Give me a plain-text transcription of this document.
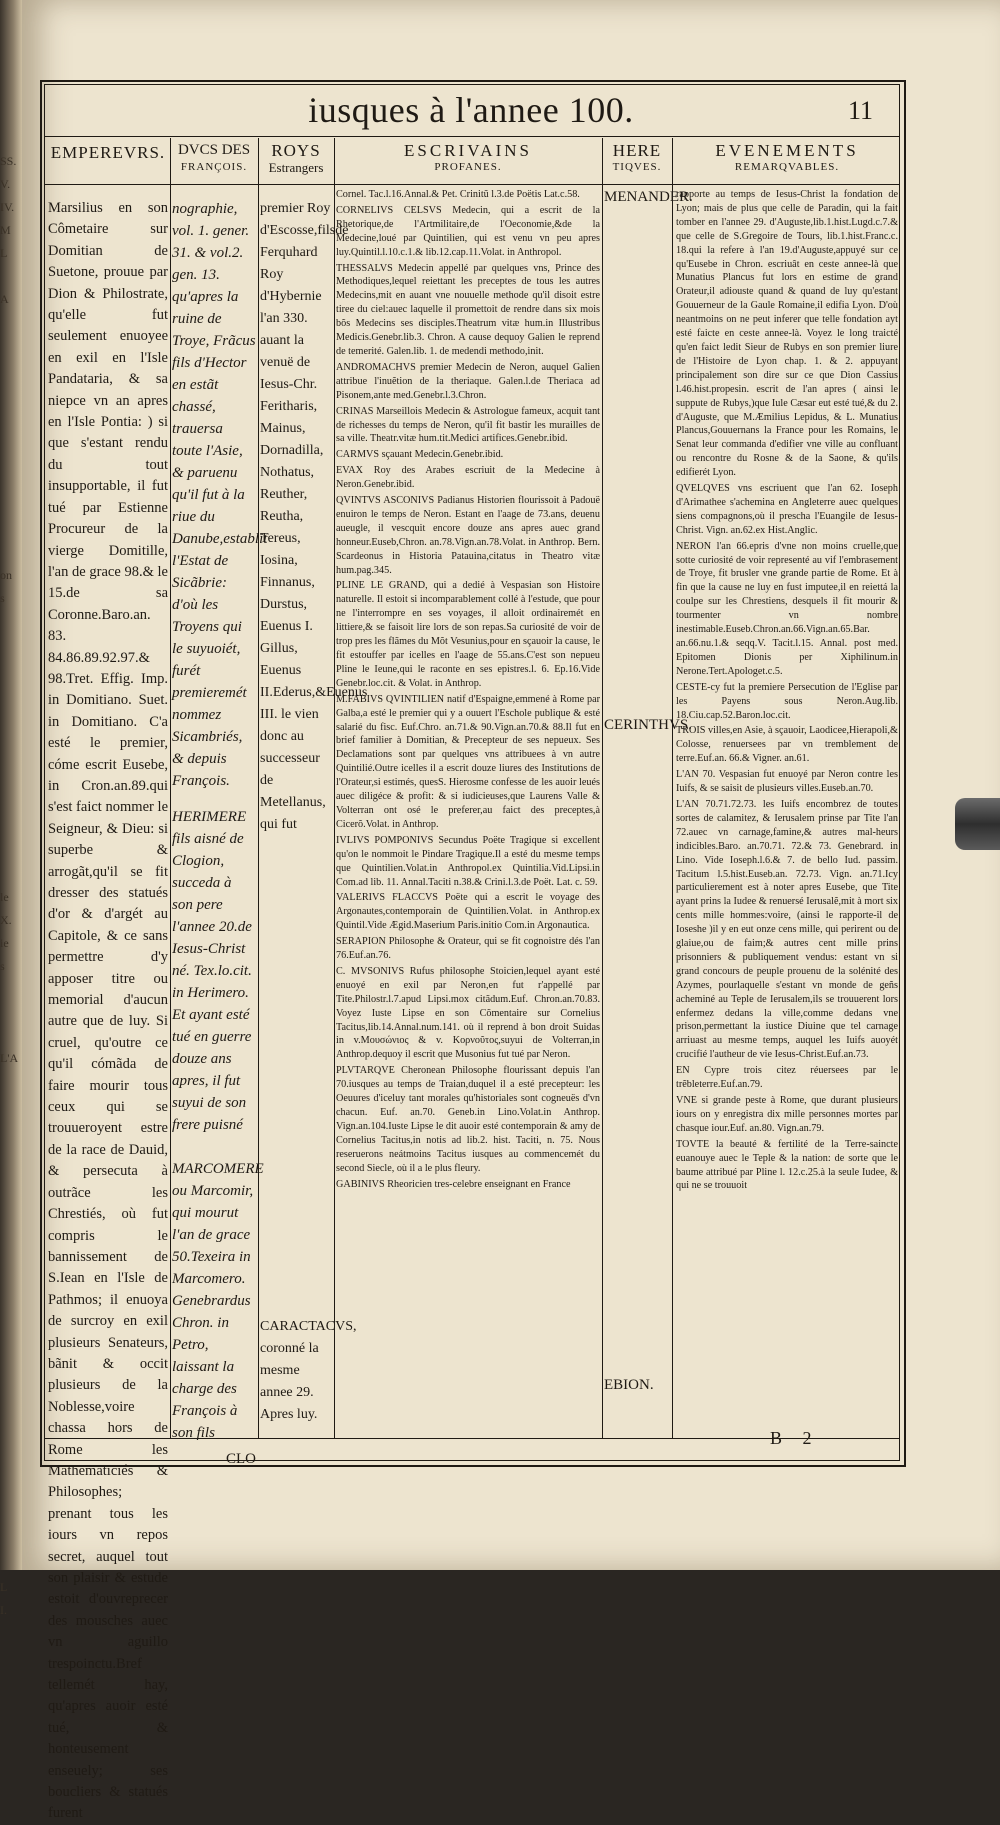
SS.
V.
IV.
M
L

A

on
s

le
X.
ie
s

L'A

L
I.
iusques à l'annee 100.	11
EMPEREVRS. DVCS DES
FRANÇOIS.
ROYS
Estrangers
ESCRIVAINS
PROFANES.
HERE
TIQVES.
EVENEMENTS
REMARQVABLES.

Marsilius en son Cômetaire sur Domitian de Suetone, prouue par Dion & Philostrate, qu'elle fut seulement enuoyee en exil en l'Isle Pandataria, & sa niepce vn an apres en l'Isle Pontia: ) si que s'estant rendu du tout insupportable, il fut tué par Estienne Procureur de la vierge Domitille, l'an de grace 98.& le 15.de sa Coronne.Baro.an. 83. 84.86.89.92.97.& 98.Tret. Effig. Imp. in Domitiano. Suet. in Domitiano. C'a esté le premier, cóme escrit Eusebe, in Cron.an.89.qui s'est faict nommer le Seigneur, & Dieu: si superbe & arrogãt,qu'il se fit dresser des statués d'or & d'argét au Capitole, & ce sans permettre d'y apposer titre ou memorial d'aucun autre que de luy. Si cruel, qu'outre ce qu'il cómãda de faire mourir tous ceux qui se trouueroyent estre de la race de Dauid, & persecuta à outrãce les Chrestiés, où fut compris le bannissement de S.Iean en l'Isle de Pathmos; il enuoya de surcroy en exil plusieurs Senateurs, bãnit & occit plusieurs de la Noblesse,voire chassa hors de Rome les Mathematiciés & Philosophes; prenant tous les iours vn repos secret, auquel tout son plaisir & estude estoit d'ouvreprecer des mousches auec vn aguillo trespoinctu.Bref tellemét hay, qu'apres auoir esté tué, & honteusement enseuely; ses boucliers & statués furent

nographie, vol. 1. gener. 31. & vol.2. gen. 13. qu'apres la ruine de Troye, Frãcus fils d'Hector en estãt chassé, trauersa toute l'Asie, & paruenu qu'il fut à la riue du Danube,establit l'Estat de Sicãbrie: d'où les Troyens qui le suyuoiét, furét premieremét nommez Sicambriés, & depuis François.

HERIMERE fils aisné de Clogion, succeda à son pere l'annee 20.de Iesus-Christ né. Tex.lo.cit. in Herimero. Et ayant esté tué en guerre douze ans apres, il fut suyui de son frere puisné

MARCOMERE ou Marcomir, qui mourut l'an de grace 50.Texeira in Marcomero. Genebrardus Chron. in Petro, laissant la charge des François à son fils

CLO

premier Roy d'Escosse,filsde Ferquhard Roy d'Hybernie l'an 330. auant la venuë de Iesus-Chr. Feritharis, Mainus, Dornadilla, Nothatus, Reuther, Reutha, Tereus, Iosina, Finnanus, Durstus, Euenus I. Gillus, Euenus II.Ederus,&Euenus III. le vien donc au successeur de Metellanus, qui fut

CARACTACVS, coronné la mesme annee 29. Apres luy.

Cornel. Tac.l.16.Annal.& Pet. Crinitũ l.3.de Poëtis Lat.c.58.

CORNELIVS CELSVS Medecin, qui a escrit de la Rhetorique,de l'Artmilitaire,de l'Oeconomie,&de la Medecine,loué par Quintilien, qui est venu vn peu apres luy.Quintil.l.10.c.1.& lib.12.cap.11.Volat. in Anthropol.

THESSALVS Medecin appellé par quelques vns, Prince des Methodiques,lequel reiettant les preceptes de tous les autres Medecins,mit en auant vne nouuelle methode qu'il disoit estre tiree du ciel:auec laquelle il promettoit de rendre dans six mois bõs Medecins ses disciples.Theatrum vitæ hum.in Illustribus Medicis.Genebr.lib.3. Chron. A cause dequoy Galien le reprend de temerité. Galen.lib. 1. de medendi methodo,init.

ANDROMACHVS premier Medecin de Neron, auquel Galien attribue l'inuẽtion de la theriaque. Galen.l.de Theriaca ad Pisonem,ante med.Genebr.l.3.Chron.

CRINAS Marseillois Medecin & Astrologue fameux, acquit tant de richesses du temps de Neron, qu'il fit bastir les murailles de sa ville. Theatr.vitæ hum.tit.Medici artifices.Genebr.ibid.

CARMVS sçauant Medecin.Genebr.ibid.

EVAX Roy des Arabes escriuit de la Medecine à Neron.Genebr.ibid.

QVINTVS ASCONIVS Padianus Historien flourissoit à Padouë enuiron le temps de Neron. Estant en l'aage de 73.ans, deuenu aueugle, il vescquit encore douze ans apres auec grand honneur.Euseb,Chron. an.78.Vign.an.78.Volat. in Anthrop. Bern. Scardeonus in Historia Patauina,citatus in Theatro vitæ hum.pag.345.

PLINE LE GRAND, qui a dedié à Vespasian son Histoire naturelle. Il estoit si incomparablement collé à l'estude, que pour ne l'interrompre en ses voyages, il alloit ordinairemét en littiere,& se faisoit lire lors de son repas.Sa curiosité de voir de trop pres les flãmes du Mõt Vesunius,pour en sçauoir la cause, le fit estouffer par icelles en l'aage de 55.ans.C'est son nepueu Pline le Ieune,qui le raconte en ses epistres.l. 6. Ep.16.Vide Genebr.loc.cit. & Volat. in Anthrop.

M.FABIVS QVINTILIEN natif d'Espaigne,emmené à Rome par Galba,a esté le premier qui y a ouuert l'Eschole publique & esté salarié du fisc. Euf.Chro. an.71.& 90.Vign.an.70.& 88.Il fut en brief familier à Domitian, & Precepteur de ses nepueux. Ses Declamations sont par quelques vns attribuees à vn autre Quintilié.Outre icelles il a escrit douze liures des Institutions de l'Orateur,si estimés, quesS. Hierosme confesse de les auoir leués auec diligéce & profit: & si iudicieuses,que Laurens Valle & Volterran ont osé le preferer,au faict des preceptes,à Cicerõ.Volat. in Anthrop.

IVLIVS POMPONIVS Secundus Poëte Tragique si excellent qu'on le nommoit le Pindare Tragique.Il a esté du mesme temps que Quintilien.Volat.in Anthropol.ex Quintilia.Vid.Lipsi.in Com.ad lib. 11. Annal.Taciti n.38.& Crini.l.3.de Poët. Lat. c. 59.

VALERIVS FLACCVS Poëte qui a escrit le voyage des Argonautes,contemporain de Quintilien.Volat. in Anthrop.ex Quintil.Vide Ægid.Maserium Paris.initio Com.in Argonautica.

SERAPION Philosophe & Orateur, qui se fit cognoistre dés l'an 76.Euf.an.76.

C. MVSONIVS Rufus philosophe Stoicien,lequel ayant esté enuoyé en exil par Neron,en fut r'appellé par Tite.Philostr.l.7.apud Lipsi.mox citãdum.Euf. Chron.an.70.83. Voyez Iuste Lipse en son Cõmentaire sur Cornelius Tacitus,lib.14.Annal.num.141. où il reprend à bon droit Suidas in v.Μουσώνιος & v. Κορνοῦτος,suyui de Volterran,in Anthrop.dequoy il escrit que Musonius fut tué par Neron.

PLVTARQVE Cheronean Philosophe flourissant depuis l'an 70.iusques au temps de Traian,duquel il a esté precepteur: les Oeuures d'iceluy tant morales qu'historiales sont cogneuës d'vn chacun. Euf. an.70. Geneb.in Lino.Volat.in Anthrop. Vign.an.104.Iuste Lipse le dit auoir esté contemporain & amy de Cornelius Tacitus,in notis ad lib.2. hist. Taciti, n. 75. Nous reseruerons neátmoins Tacitus iusques au commencemét du second Siecle, où il a le plus fleury.

GABINIVS Rheoricien tres-celebre enseignant en France

MENANDER.

CERINTHVS.

EBION.

rapporte au temps de Iesus-Christ la fondation de Lyon; mais de plus que celle de Paradin, qui la fait tomber en l'annee 29. d'Auguste,lib.1.hist.Lugd.c.7.& que celle de S.Gregoire de Tours, lib.1.hist.Franc.c. 18.qui la refere à l'an 19.d'Auguste,appuyé sur ce qu'Eusebe in Chron. escriuât en ceste annee-là que Munatius Plancus fut lors en estime de grand Orateur,il adiouste quand & quand de luy qu'estant Gouuerneur de la Gaule Romaine,il edifia Lyon. D'où neantmoins on ne peut inferer que telle fondation ayt esté faicte en ceste annee-là. Voyez le long traicté qu'en faict ledit Sieur de Rubys en son premier liure de l'Histoire de Lyon chap. 1. & 2. appuyant principalement son dire sur ce que Dion Cassius l.46.hist.propesin. escrit de l'an apres ( ainsi le suppute de Rubys,)que Iule Cæsar eut esté tué,& du 2. d'Auguste, que M.Æmilius Lepidus, & L. Munatius Plancus,Gouuernans la France pour les Romains, le Senat leur commanda d'edifier vne ville au confluant ou rencontre du Rosne & de la Saone, & qu'ils edifierét Lyon.

QVELQVES vns escriuent que l'an 62. Ioseph d'Arimathee s'achemina en Angleterre auec quelques siens compagnons,où il prescha l'Euangile de Iesus-Christ. Vign. an.62.ex Hist.Anglic.

NERON l'an 66.epris d'vne non moins cruelle,que sotte curiosité de voir representé au vif l'embrasement de Troye, fit brusler vne grande partie de Rome. Et à fin que la cause ne luy en fust imputee,il en reiettá la coulpe sur les Chrestiens, desquels il fit mourir & tourmenter vn nombre inestimable.Euseb.Chron.an.66.Vign.an.65.Bar. an.66.nu.1.& seqq.V. Tacit.l.15. Annal. post med. Epitomen Dionis per Xiphilinum.in Nerone.Tert.Apologet.c.5.

CESTE-cy fut la premiere Persecution de l'Eglise par les Payens sous Neron.Aug.lib. 18.Ciu.cap.52.Baron.loc.cit.

TROIS villes,en Asie, à sçauoir, Laodicee,Hierapoli,& Colosse, renuersees par vn tremblement de terre.Euf.an. 66.& Vigner. an.61.

L'AN 70. Vespasian fut enuoyé par Neron contre les Iuifs, & se saisit de plusieurs villes.Euseb.an.70.

L'AN 70.71.72.73. les Iuifs encombrez de toutes sortes de calamitez, & Ierusalem prinse par Tite l'an 72.auec vn carnage,famine,& autres mal-heurs indicibles.Baro. an.70.71. 72.& 73. Genebrard. in Lino. Vide Ioseph.l.6.& 7. de bello Iud. passim. Tacitum l.5.hist.Euseb.an. 72.73. Vign. an.71.Icy particulierement est à noter apres Eusebe, que Tite ayant prins la Iudee & renuersé Ierusalẽ,mit à mort six cents mille hommes:voire, (ainsi le rapporte-il de Ioseshe )il y en eut onze cens mille, qui perirent ou de glaiue,ou de faim;& autres cent mille prins prisonniers & publiquement vendus: estant vn si grand concours de peuple prouenu de la solénité des Azymes, pourlaquelle s'estant vn monde de geñs acheminé au Teple de Ierusalem,ils se trouuerent lors enfermez dedans la ville,comme dedans vne prison,permettant la iustice Diuine que tel carnage arriuast au mesme temps, auquel les Iuifs auoyét crucifié l'autheur de vie Iesus-Christ.Euf.an.73.

EN Cypre trois citez réuersees par le trẽbleterre.Euf.an.79.

VNE si grande peste à Rome, que durant plusieurs iours on y enregistra dix mille personnes mortes par chasque iour.Euf. an.80. Vign.an.79.

TOVTE la beauté & fertilité de la Terre-saincte euanouye auec le Teple & la nation: de sorte que le baume attribué par Pline l. 12.c.25.à la seule Iudee, & qui ne se trouuoit

B 2
